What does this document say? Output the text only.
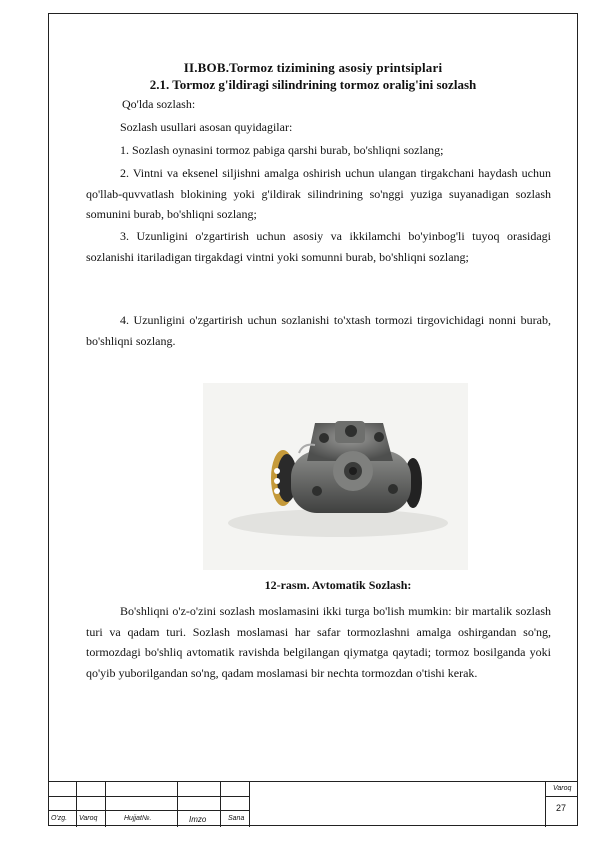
II.BOB.Tormoz tizimining asosiy printsiplari
2.1. Tormoz g'ildiragi silindrining tormoz oralig'ini sozlash
Qo'lda sozlash:
Sozlash usullari asosan quyidagilar:
1. Sozlash oynasini tormoz pabiga qarshi burab, bo'shliqni sozlang;
2. Vintni va eksenel siljishni amalga oshirish uchun ulangan tirgakchani haydash uchun qo'llab-quvvatlash blokining yoki g'ildirak silindrining so'nggi yuziga suyanadigan sozlash somunini burab, bo'shliqni sozlang;
3. Uzunligini o'zgartirish uchun asosiy va ikkilamchi bo'yinbog'li tuyoq orasidagi sozlanishi itariladigan tirgakdagi vintni yoki somunni burab, bo'shliqni sozlang;
4. Uzunligini o'zgartirish uchun sozlanishi to'xtash tormozi tirgovichidagi nonni burab, bo'shliqni sozlang.
12-rasm. Avtomatik Sozlash:
Bo'shliqni o'z-o'zini sozlash moslamasini ikki turga bo'lish mumkin: bir martalik sozlash turi va qadam turi. Sozlash moslamasi har safar tormozlashni amalga oshirgandan so'ng, tormozdagi bo'shliq avtomatik ravishda belgilangan qiymatga qaytadi; tormoz bosilganda yoki qo'yib yuborilgandan so'ng, qadam moslamasi bir nechta tormozdan o'tishi kerak.
O'zg. Varoq	Hujjat№.	Imzo	Sana
Varoq
27
